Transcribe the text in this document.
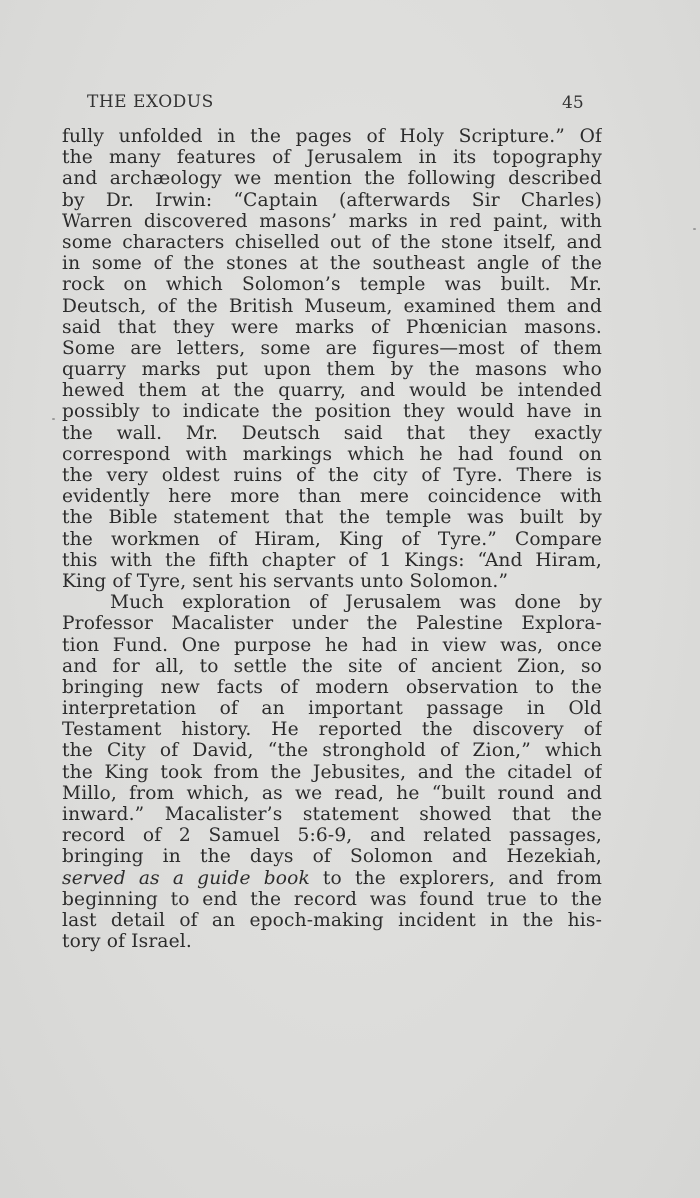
THE EXODUS	45
fully unfolded in the pages of Holy Scripture.” Of
the many features of Jerusalem in its topography
and archæology we mention the following described
by Dr. Irwin: “Captain (afterwards Sir Charles)
Warren discovered masons’ marks in red paint, with
some characters chiselled out of the stone itself, and
in some of the stones at the southeast angle of the
rock on which Solomon’s temple was built. Mr.
Deutsch, of the British Museum, examined them and
said that they were marks of Phœnician masons.
Some are letters, some are figures—most of them
quarry marks put upon them by the masons who
hewed them at the quarry, and would be intended
possibly to indicate the position they would have in
the wall. Mr. Deutsch said that they exactly
correspond with markings which he had found on
the very oldest ruins of the city of Tyre. There is
evidently here more than mere coincidence with
the Bible statement that the temple was built by
the workmen of Hiram, King of Tyre.” Compare
this with the fifth chapter of 1 Kings: “And Hiram,
King of Tyre, sent his servants unto Solomon.”
Much exploration of Jerusalem was done by
Professor Macalister under the Palestine Explora-
tion Fund. One purpose he had in view was, once
and for all, to settle the site of ancient Zion, so
bringing new facts of modern observation to the
interpretation of an important passage in Old
Testament history. He reported the discovery of
the City of David, “the stronghold of Zion,” which
the King took from the Jebusites, and the citadel of
Millo, from which, as we read, he “built round and
inward.” Macalister’s statement showed that the
record of 2 Samuel 5:6-9, and related passages,
bringing in the days of Solomon and Hezekiah,
served as a guide book to the explorers, and from
beginning to end the record was found true to the
last detail of an epoch-making incident in the his-
tory of Israel.
